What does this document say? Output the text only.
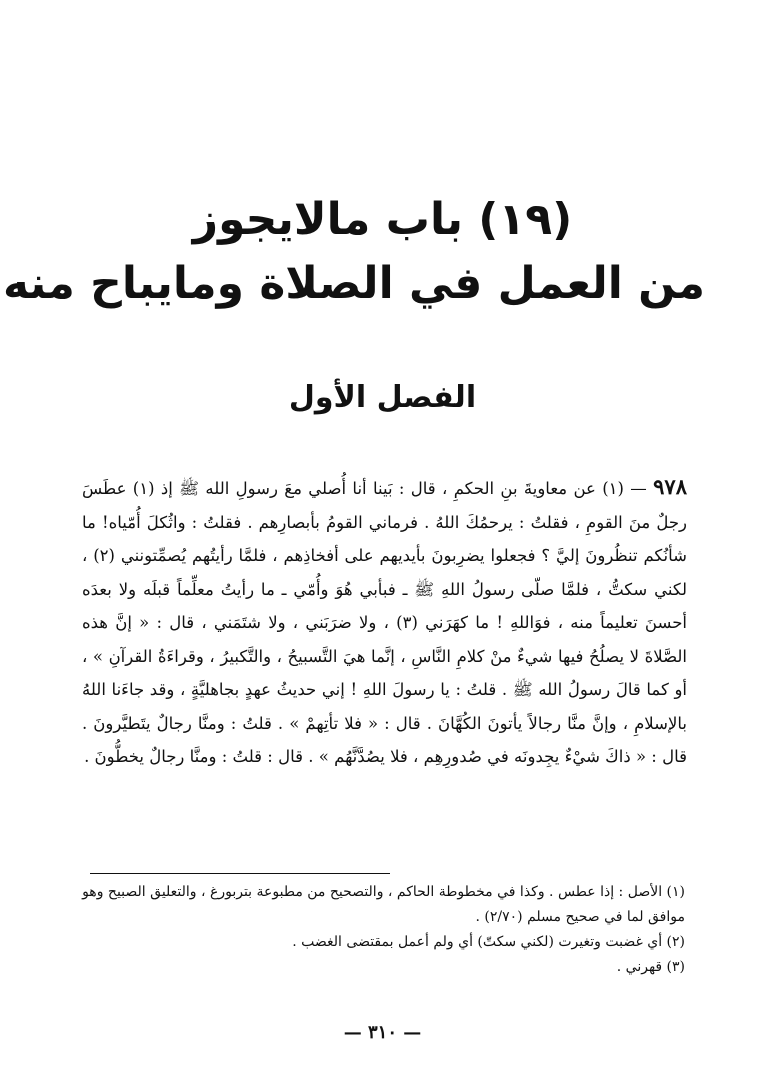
(١٩) باب مالايجوز
من العمل في الصلاة ومايباح منه
الفصل الأول
٩٧٨ — (١) عن معاويةَ بنِ الحكمِ ، قال : بَينا أنا أُصلي معَ رسولِ الله ﷺ إذ (١) عطَسَ رجلٌ منَ القومِ ، فقلتُ : يرحمُكَ اللهُ . فرماني القومُ بأبصارِهم . فقلتُ : واثُكلَ أُمّياه! ما شأنُكم تنظُرونَ إليَّ ؟ فجعلوا يضرِبونَ بأيديهم على أفخاذِهم ، فلمَّا رأيتُهم يُصمِّتونني (٢) ، لكني سكتُّ ، فلمَّا صلّى رسولُ اللهِ ﷺ ـ فبأبي هُوَ وأُمّي ـ ما رأيتُ معلِّماً قبلَه ولا بعدَه أحسنَ تعليماً منه ، فوَاللهِ ! ما كهَرَني (٣) ، ولا ضرَبَني ، ولا شتَمَني ، قال : « إنَّ هذه الصَّلاةَ لا يصلُحُ فيها شيءٌ منْ كلامِ النَّاسِ ، إنَّما هيَ التَّسبيحُ ، والتَّكبيرُ ، وقراءَةُ القرآنِ » ، أو كما قالَ رسولُ الله ﷺ . قلتُ : يا رسولَ اللهِ ! إني حديثُ عهدٍ بجاهليَّةٍ ، وقد جاءَنا اللهُ بالإسلامِ ، وإنَّ منَّا رجالاً يأتونَ الكُهَّانَ . قال : « فلا تأتِهمْ » . قلتُ : ومنَّا رجالٌ يتَطيَّرونَ . قال : « ذاكَ شيْءٌ يجِدونَه في صُدورِهِم ، فلا يصُدَّنَّهُم » . قال : قلتُ : ومنَّا رجالٌ يخطُّونَ .

(١) الأصل : إذا عطس . وكذا في مخطوطة الحاكم ، والتصحيح من مطبوعة بتربورغ ، والتعليق الصبيح وهو موافق لما في صحيح مسلم (٢/٧٠) .

(٢) أي غضبت وتغيرت (لكني سكتّ) أي ولم أعمل بمقتضى الغضب .

(٣) قهرني .

— ٣١٠ —
